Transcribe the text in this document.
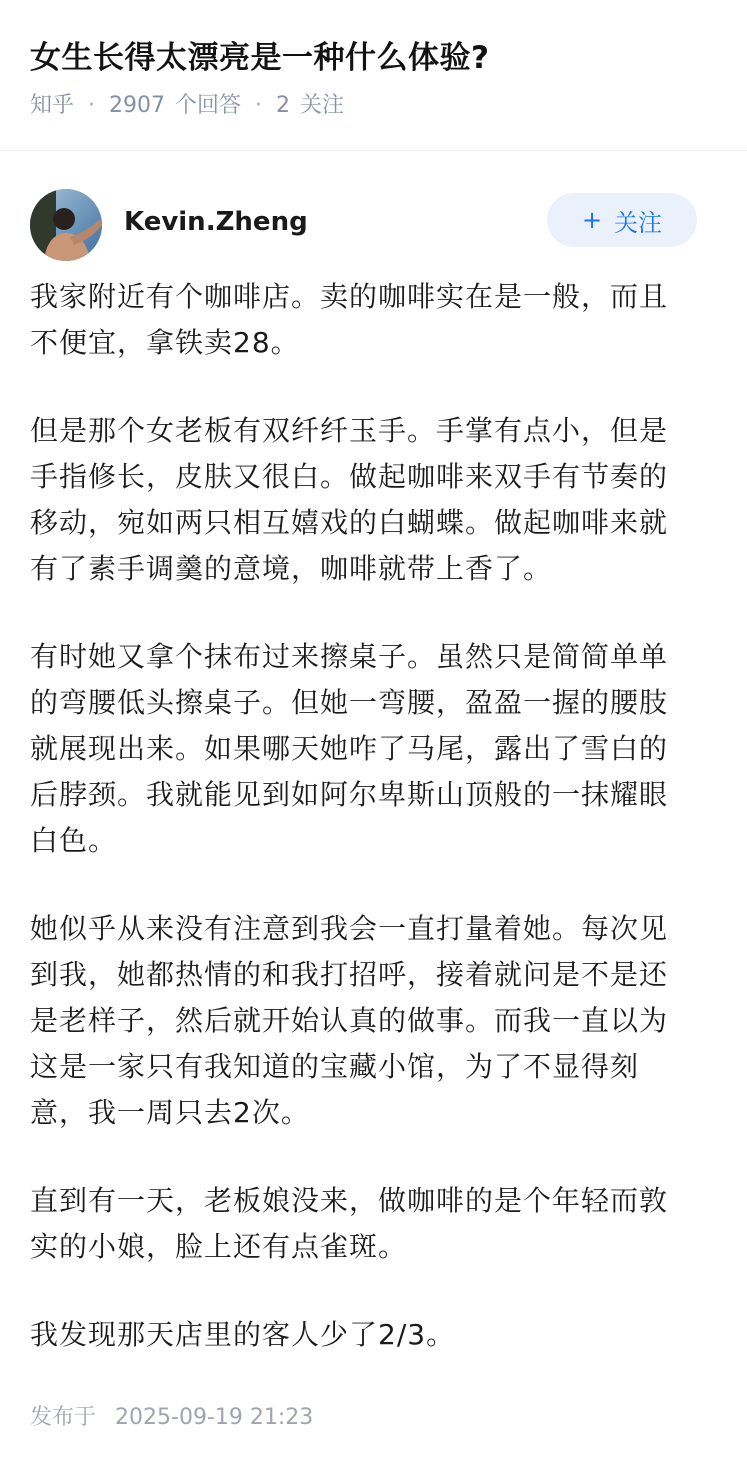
女生长得太漂亮是一种什么体验?
知乎 · 2907 个回答 · 2 关注
Kevin.Zheng	+ 关注

我家附近有个咖啡店。卖的咖啡实在是一般，而且不便宜，拿铁卖28。

但是那个女老板有双纤纤玉手。手掌有点小，但是手指修长，皮肤又很白。做起咖啡来双手有节奏的移动，宛如两只相互嬉戏的白蝴蝶。做起咖啡来就有了素手调羹的意境，咖啡就带上香了。

有时她又拿个抹布过来擦桌子。虽然只是简简单单的弯腰低头擦桌子。但她一弯腰，盈盈一握的腰肢就展现出来。如果哪天她咋了马尾，露出了雪白的后脖颈。我就能见到如阿尔卑斯山顶般的一抹耀眼白色。

她似乎从来没有注意到我会一直打量着她。每次见到我，她都热情的和我打招呼，接着就问是不是还是老样子，然后就开始认真的做事。而我一直以为这是一家只有我知道的宝藏小馆，为了不显得刻意，我一周只去2次。

直到有一天，老板娘没来，做咖啡的是个年轻而敦实的小娘，脸上还有点雀斑。

我发现那天店里的客人少了2/3。

发布于 2025-09-19 21:23
